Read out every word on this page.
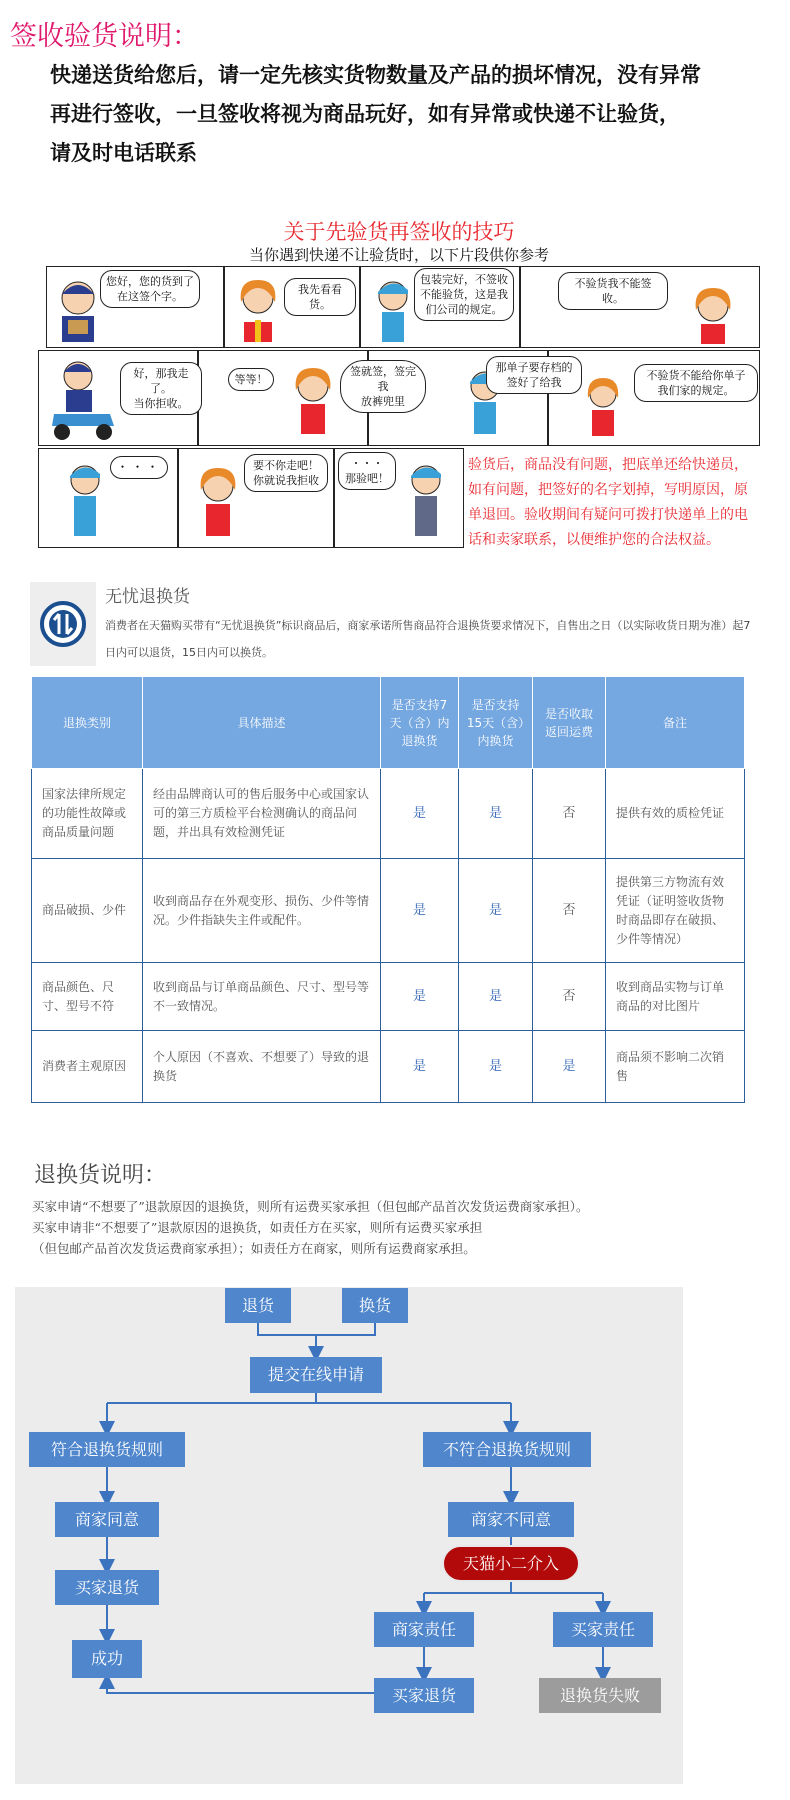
签收验货说明：

快递送货给您后，请一定先核实货物数量及产品的损坏情况，没有异常

再进行签收，一旦签收将视为商品玩好，如有异常或快递不让验货，

请及时电话联系

关于先验货再签收的技巧
当你遇到快递不让验货时，以下片段供你参考
您好，您的货到了
在这签个字。
我先看看货。
包装完好，不签收
不能验货，这是我
们公司的规定。
不验货我不能签收。
好，那我走了。
当你拒收。
等等！
签就签，签完我
放裤兜里
那单子要存档的
签好了给我
不验货不能给你单子
我们家的规定。
・・・	要不你走吧！
你就说我拒收
・・・
那验吧！
验货后，商品没有问题，把底单还给快递员，如有问题，把签好的名字划掉，写明原因，原单退回。验收期间有疑问可拨打快递单上的电话和卖家联系，以便维护您的合法权益。
无忧退换货
消费者在天猫购买带有“无忧退换货”标识商品后，商家承诺所售商品符合退换货要求情况下，自售出之日（以实际收货日期为准）起7日内可以退货，15日内可以换货。
退换类别	具体描述	是否支持7天（含）内退换货	是否支持15天（含）内换货	是否收取返回运费	备注
国家法律所规定的功能性故障或商品质量问题	经由品牌商认可的售后服务中心或国家认可的第三方质检平台检测确认的商品问题，并出具有效检测凭证	是	是	否	提供有效的质检凭证
商品破损、少件	收到商品存在外观变形、损伤、少件等情况。少件指缺失主件或配件。	是	是	否	提供第三方物流有效凭证（证明签收货物时商品即存在破损、少件等情况）
商品颜色、尺寸、型号不符	收到商品与订单商品颜色、尺寸、型号等不一致情况。	是	是	否	收到商品实物与订单商品的对比图片
消费者主观原因	个人原因（不喜欢、不想要了）导致的退换货	是	是	是	商品须不影响二次销售
退换货说明：

买家申请“不想要了”退款原因的退换货，则所有运费买家承担（但包邮产品首次发货运费商家承担）。

买家申请非“不想要了”退款原因的退换货，如责任方在买家，则所有运费买家承担

（但包邮产品首次发货运费商家承担）；如责任方在商家，则所有运费商家承担。

退货	换货
提交在线申请
符合退换货规则	不符合退换货规则
商家同意	商家不同意
买家退货
天猫小二介入
成功
商家责任	买家责任
买家退货	退换货失败
